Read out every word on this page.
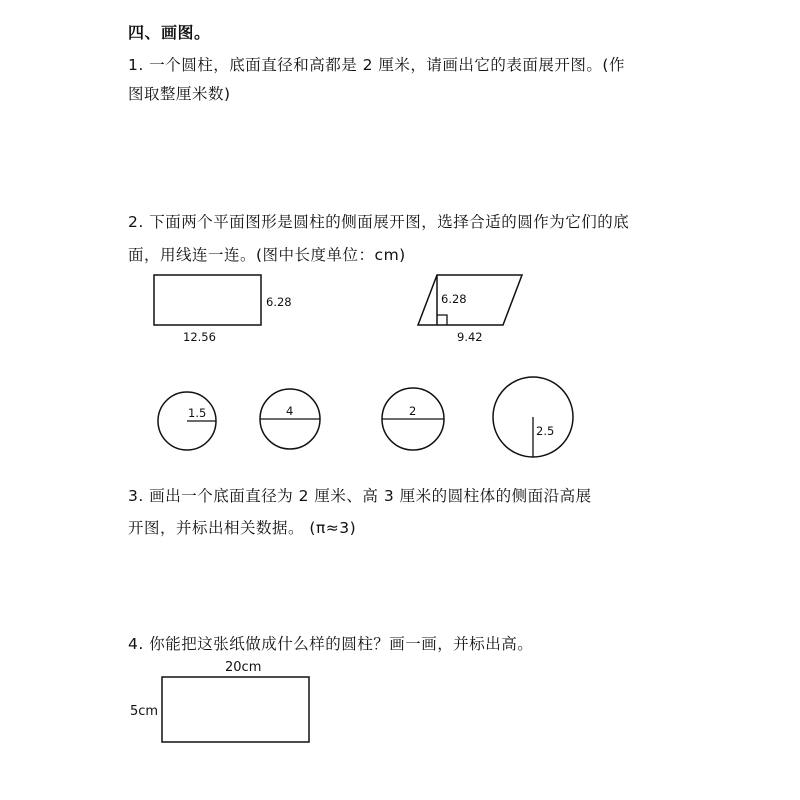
四、画图。
1. 一个圆柱，底面直径和高都是 2 厘米，请画出它的表面展开图。(作
图取整厘米数)
2. 下面两个平面图形是圆柱的侧面展开图，选择合适的圆作为它们的底
面，用线连一连。(图中长度单位：cm)
6.28
12.56
6.28
9.42
1.5	4	2
2.5
3. 画出一个底面直径为 2 厘米、高 3 厘米的圆柱体的侧面沿高展
开图，并标出相关数据。 (π≈3)
4. 你能把这张纸做成什么样的圆柱？画一画，并标出高。
20cm
5cm
